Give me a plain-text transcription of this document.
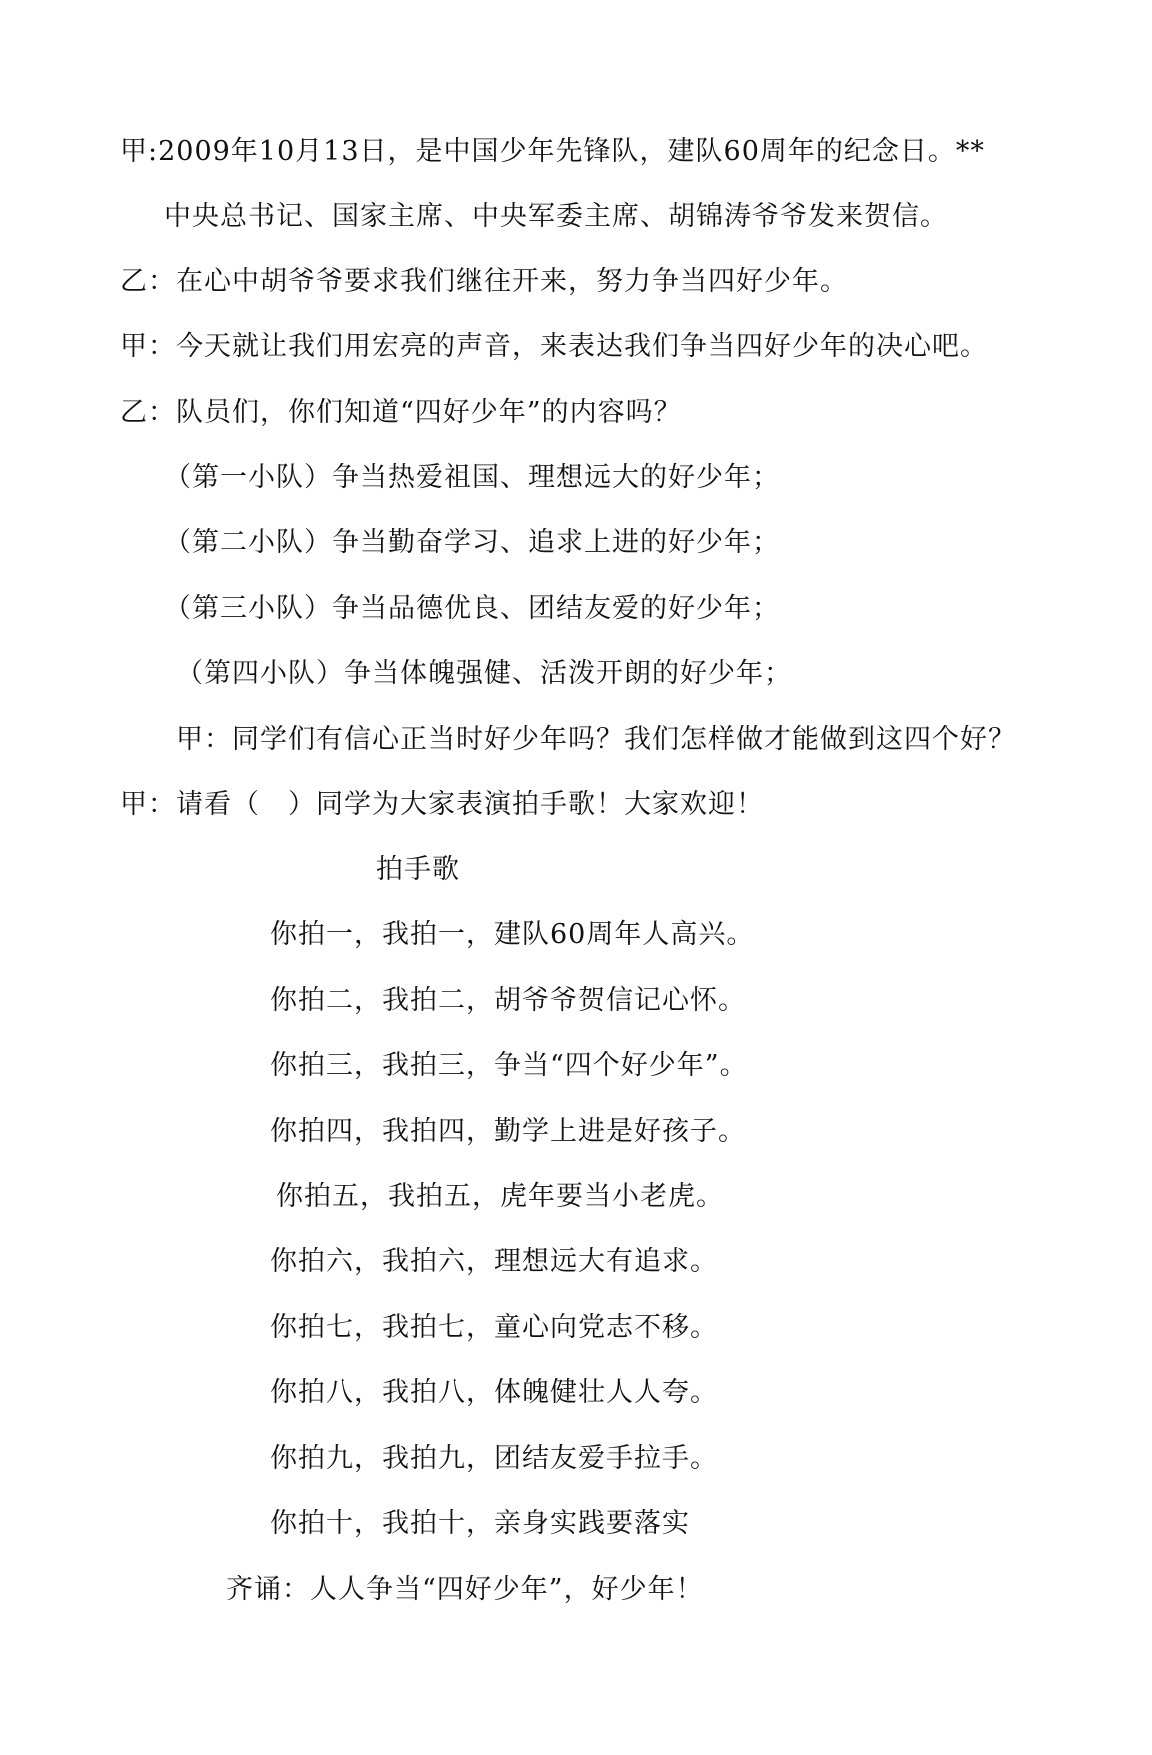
甲:2009年10月13日，是中国少年先锋队，建队60周年的纪念日。**
中央总书记、国家主席、中央军委主席、胡锦涛爷爷发来贺信。
乙：在心中胡爷爷要求我们继往开来，努力争当四好少年。
甲：今天就让我们用宏亮的声音，来表达我们争当四好少年的决心吧。
乙：队员们，你们知道“四好少年”的内容吗？
（第一小队）争当热爱祖国、理想远大的好少年；
（第二小队）争当勤奋学习、追求上进的好少年；
（第三小队）争当品德优良、团结友爱的好少年；
（第四小队）争当体魄强健、活泼开朗的好少年；
甲：同学们有信心正当时好少年吗？我们怎样做才能做到这四个好？
甲：请看（　）同学为大家表演拍手歌！大家欢迎！
拍手歌
你拍一，我拍一，建队60周年人高兴。
你拍二，我拍二，胡爷爷贺信记心怀。
你拍三，我拍三，争当“四个好少年”。
你拍四，我拍四，勤学上进是好孩子。
你拍五，我拍五，虎年要当小老虎。
你拍六，我拍六，理想远大有追求。
你拍七，我拍七，童心向党志不移。
你拍八，我拍八，体魄健壮人人夸。
你拍九，我拍九，团结友爱手拉手。
你拍十，我拍十，亲身实践要落实
齐诵：人人争当“四好少年”，好少年！
